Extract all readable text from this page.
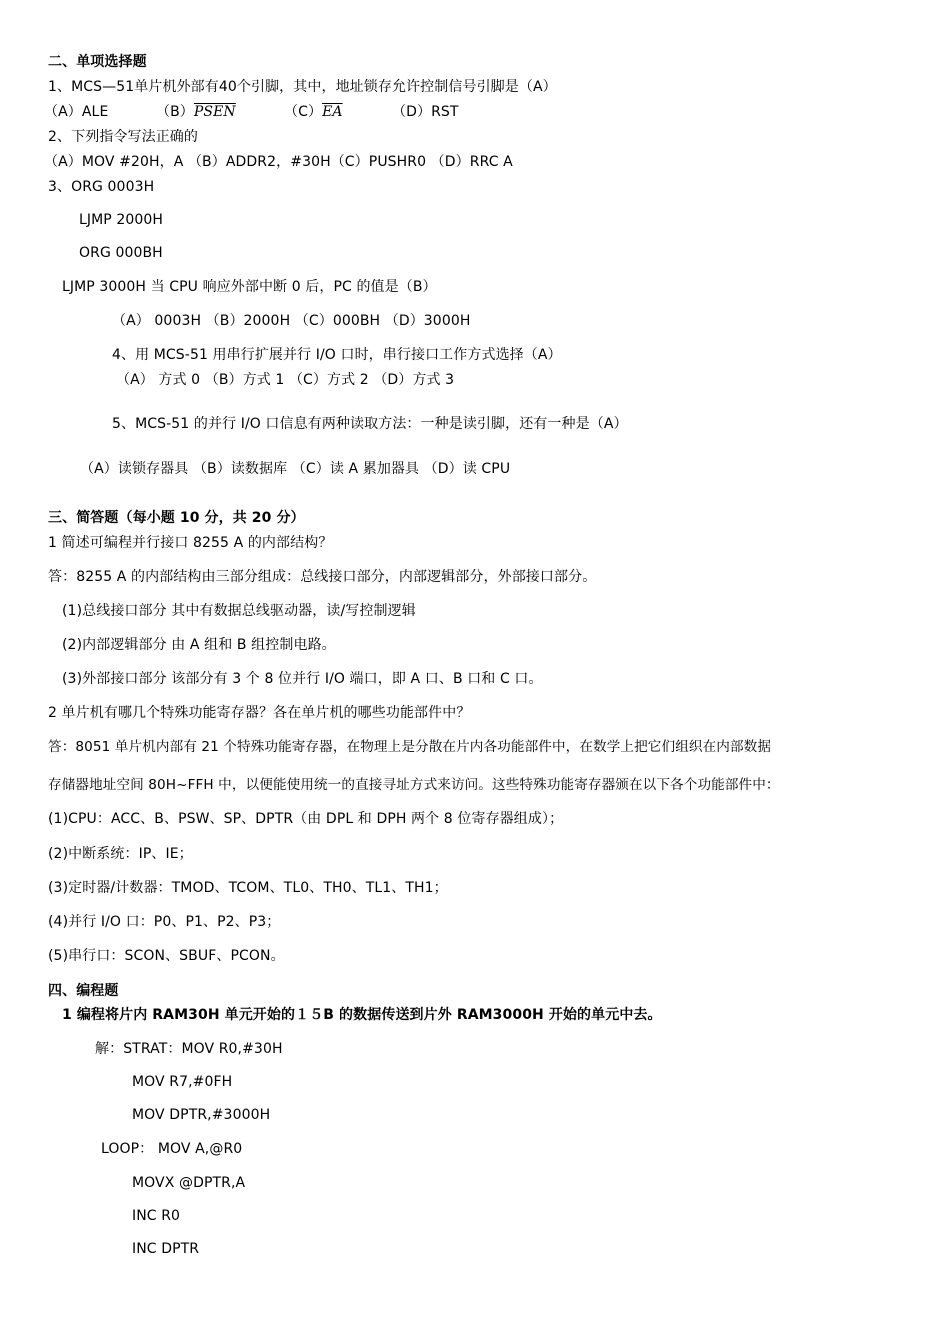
二、单项选择题
1、MCS—51单片机外部有40个引脚，其中，地址锁存允许控制信号引脚是（A）
（A）ALE	（B）PSEN	$(C)\overline{EA}$	（D）RST
2、下列指令写法正确的
（A）MOV #20H，A （B）ADDR2，#30H（C）PUSHR0 （D）RRC A
3、ORG 0003H
LJMP 2000H
ORG 000BH
LJMP 3000H 当 CPU 响应外部中断 0 后，PC 的值是（B）
（A） 0003H （B）2000H （C）000BH （D）3000H
4、用 MCS-51 用串行扩展并行 I/O 口时，串行接口工作方式选择（A）
（A） 方式 0 （B）方式 1 （C）方式 2 （D）方式 3
5、MCS-51 的并行 I/O 口信息有两种读取方法：一种是读引脚，还有一种是（A）
（A）读锁存器具 （B）读数据库 （C）读 A 累加器具 （D）读 CPU
三、简答题（每小题 10 分，共 20 分）
1 简述可编程并行接口 8255 A 的内部结构？
答：8255 A 的内部结构由三部分组成：总线接口部分，内部逻辑部分，外部接口部分。
(1)总线接口部分 其中有数据总线驱动器，读/写控制逻辑
(2)内部逻辑部分 由 A 组和 B 组控制电路。
(3)外部接口部分 该部分有 3 个 8 位并行 I/O 端口，即 A 口、B 口和 C 口。
2 单片机有哪几个特殊功能寄存器？各在单片机的哪些功能部件中？
答：8051 单片机内部有 21 个特殊功能寄存器，在物理上是分散在片内各功能部件中，在数学上把它们组织在内部数据
存储器地址空间 80H~FFH 中，以便能使用统一的直接寻址方式来访问。这些特殊功能寄存器颁在以下各个功能部件中：
(1)CPU：ACC、B、PSW、SP、DPTR（由 DPL 和 DPH 两个 8 位寄存器组成）；
(2)中断系统：IP、IE；
(3)定时器/计数器：TMOD、TCOM、TL0、TH0、TL1、TH1；
(4)并行 I/O 口：P0、P1、P2、P3；
(5)串行口：SCON、SBUF、PCON。
四、编程题
1 编程将片内 RAM30H 单元开始的１５B 的数据传送到片外 RAM3000H 开始的单元中去。
解：STRAT：MOV R0,#30H
MOV R7,#0FH
MOV DPTR,#3000H
LOOP： MOV A,@R0
MOVX @DPTR,A
INC R0
INC DPTR
